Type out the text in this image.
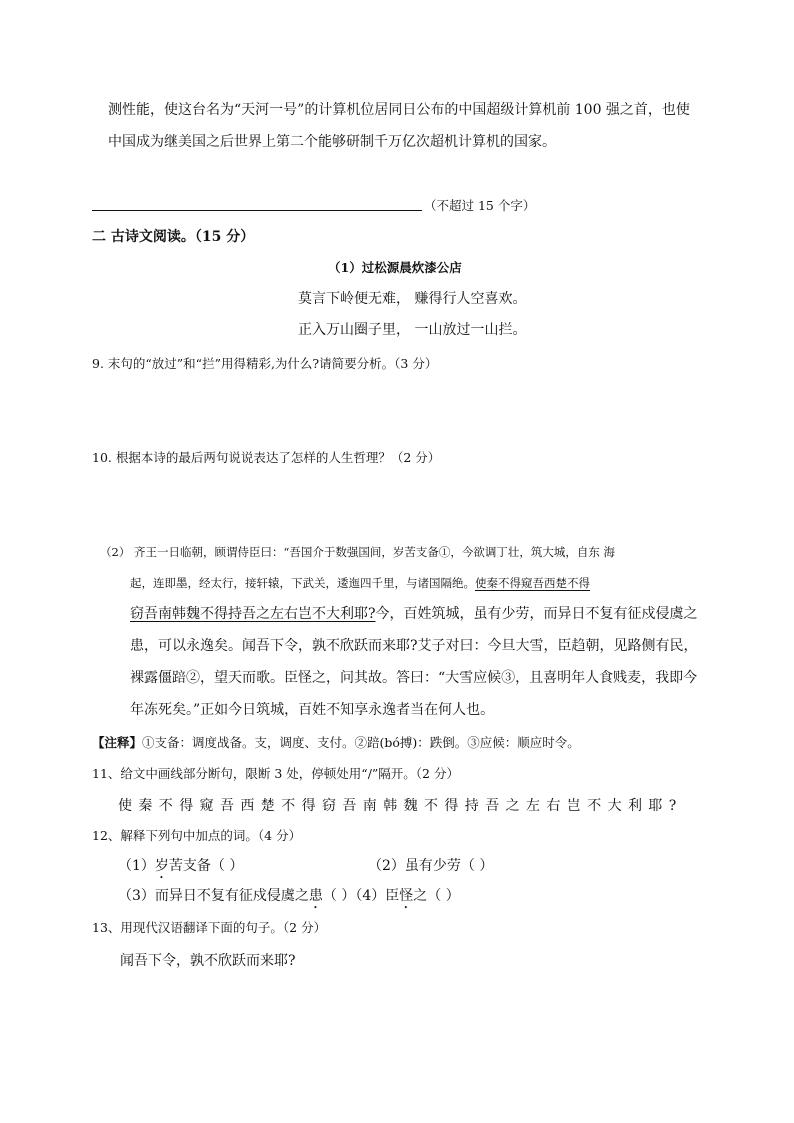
测性能，使这台名为“天河一号”的计算机位居同日公布的中国超级计算机前 100 强之首，也使
中国成为继美国之后世界上第二个能够研制千万亿次超机计算机的国家。
（不超过 15 个字）
二 古诗文阅读。（15 分）
（1）过松源晨炊漆公店
莫言下岭便无难， 赚得行人空喜欢。
正入万山圈子里， 一山放过一山拦。
9. 末句的“放过”和“拦”用得精彩,为什么?请简要分析。（3 分）
10. 根据本诗的最后两句说说表达了怎样的人生哲理？（2 分）
（2） 齐王一日临朝，顾谓侍臣曰：“吾国介于数强国间，岁苦支备①，今欲调丁壮，筑大城，自东 海
起，连即墨，经太行，接轩辕，下武关，逶迤四千里，与诸国隔绝。使秦不得窥吾西楚不得
窃吾南韩魏不得持吾之左右岂不大利耶?今，百姓筑城，虽有少劳，而异日不复有征戍侵虞之
患，可以永逸矣。闻吾下令，孰不欣跃而来耶?艾子对曰：今旦大雪，臣趋朝，见路侧有民，
裸露僵踣②，望天而歌。臣怪之，问其故。答曰：“大雪应候③，且喜明年人食贱麦，我即今
年冻死矣。”正如今日筑城，百姓不知享永逸者当在何人也。
【注释】①支备：调度战备。支，调度、支付。②踣(bó搏)：跌倒。③应候：顺应时令。
11、给文中画线部分断句，限断 3 处，停顿处用“/”隔开。（2 分）
使秦不得窥吾西楚不得窃吾南韩魏不得持吾之左右岂不大利耶?
12、解释下列句中加点的词。（4 分）
（1）岁苦支备（ ）	（2）虽有少劳（ ）
（3）而异日不复有征戍侵虞之患（ ）（4）臣怪之（ ）
13、用现代汉语翻译下面的句子。（2 分）
闻吾下令，孰不欣跃而来耶?
